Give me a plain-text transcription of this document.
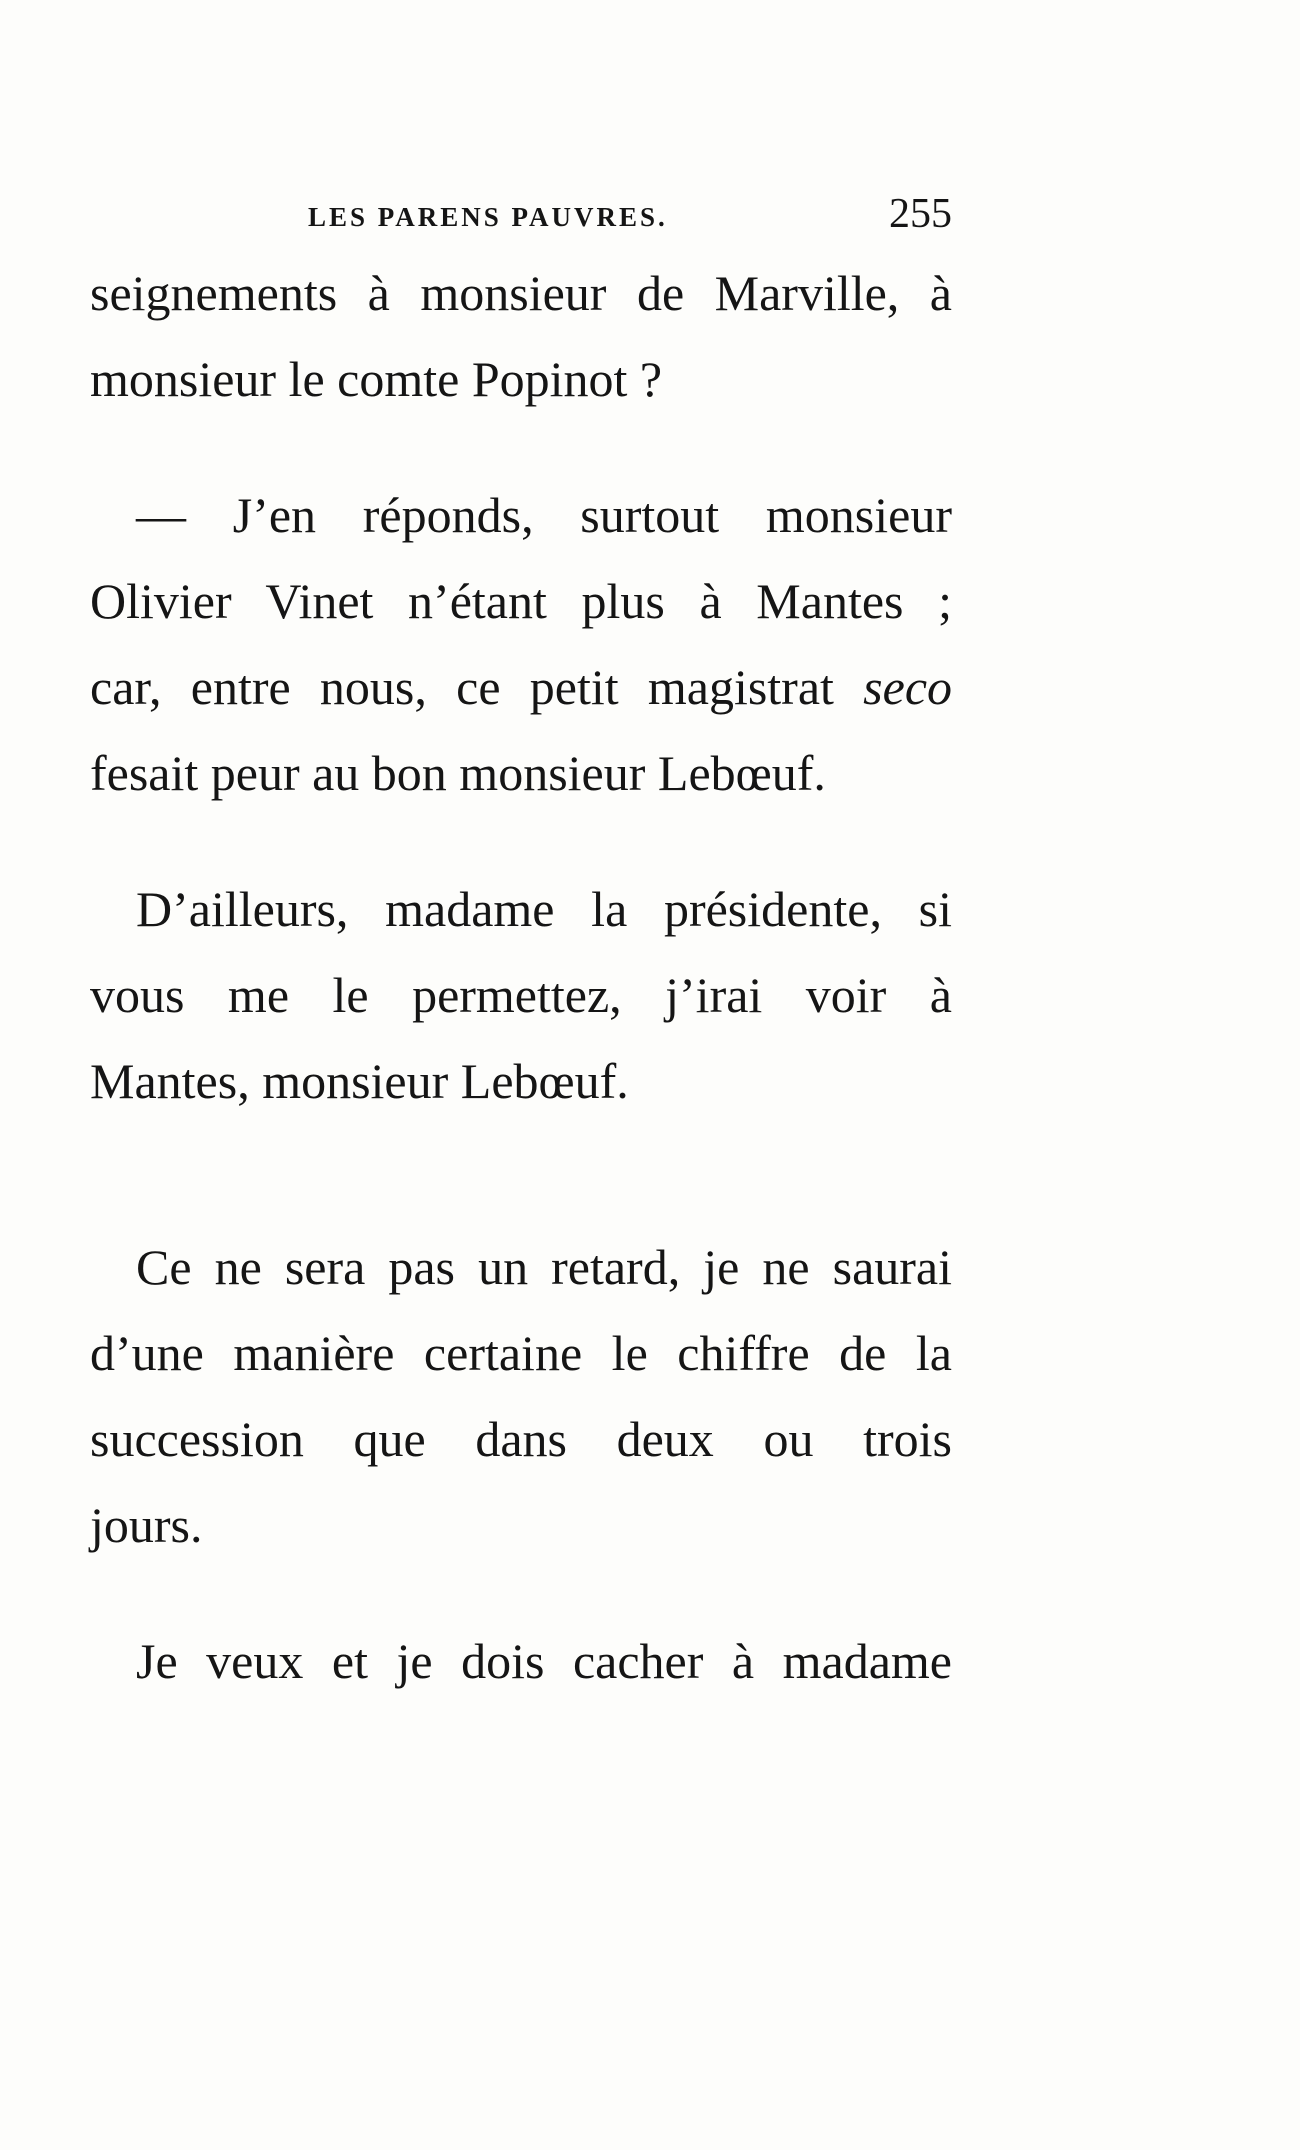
LES PARENS PAUVRES.	255
seignements à monsieur de Marville, à
monsieur le comte Popinot ?
— J’en réponds, surtout monsieur
Olivier Vinet n’étant plus à Mantes ;
car, entre nous, ce petit magistrat seco
fesait peur au bon monsieur Lebœuf.
D’ailleurs, madame la présidente, si
vous me le permettez, j’irai voir à
Mantes, monsieur Lebœuf.
Ce ne sera pas un retard, je ne saurai
d’une manière certaine le chiffre de la
succession que dans deux ou trois
jours.
Je veux et je dois cacher à madame
